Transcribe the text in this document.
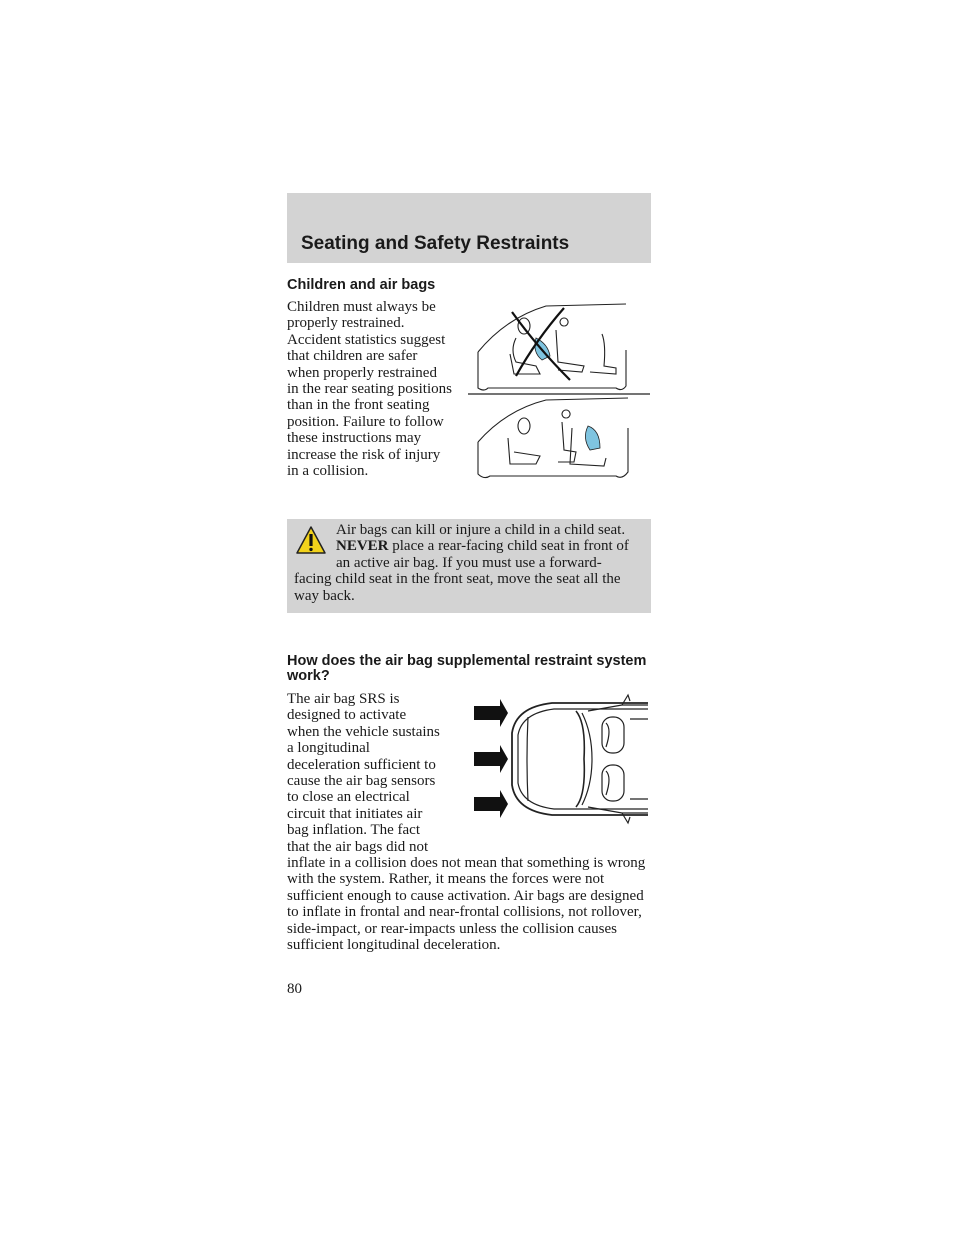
Seating and Safety Restraints
Children and air bags

Children must always be properly restrained. Accident statistics suggest that children are safer when properly restrained in the rear seating positions than in the front seating position. Failure to follow these instructions may increase the risk of injury in a collision.

Air bags can kill or injure a child in a child seat. NEVER place a rear-facing child seat in front of an active air bag. If you must use a forward-facing child seat in the front seat, move the seat all the way back.

How does the air bag supplemental restraint system work?

The air bag SRS is designed to activate when the vehicle sustains a longitudinal deceleration sufficient to cause the air bag sensors to close an electrical circuit that initiates air bag inflation. The fact that the air bags did not inflate in a collision does not mean that something is wrong with the system. Rather, it means the forces were not sufficient enough to cause activation. Air bags are designed to inflate in frontal and near-frontal collisions, not rollover, side-impact, or rear-impacts unless the collision causes sufficient longitudinal deceleration.

80
